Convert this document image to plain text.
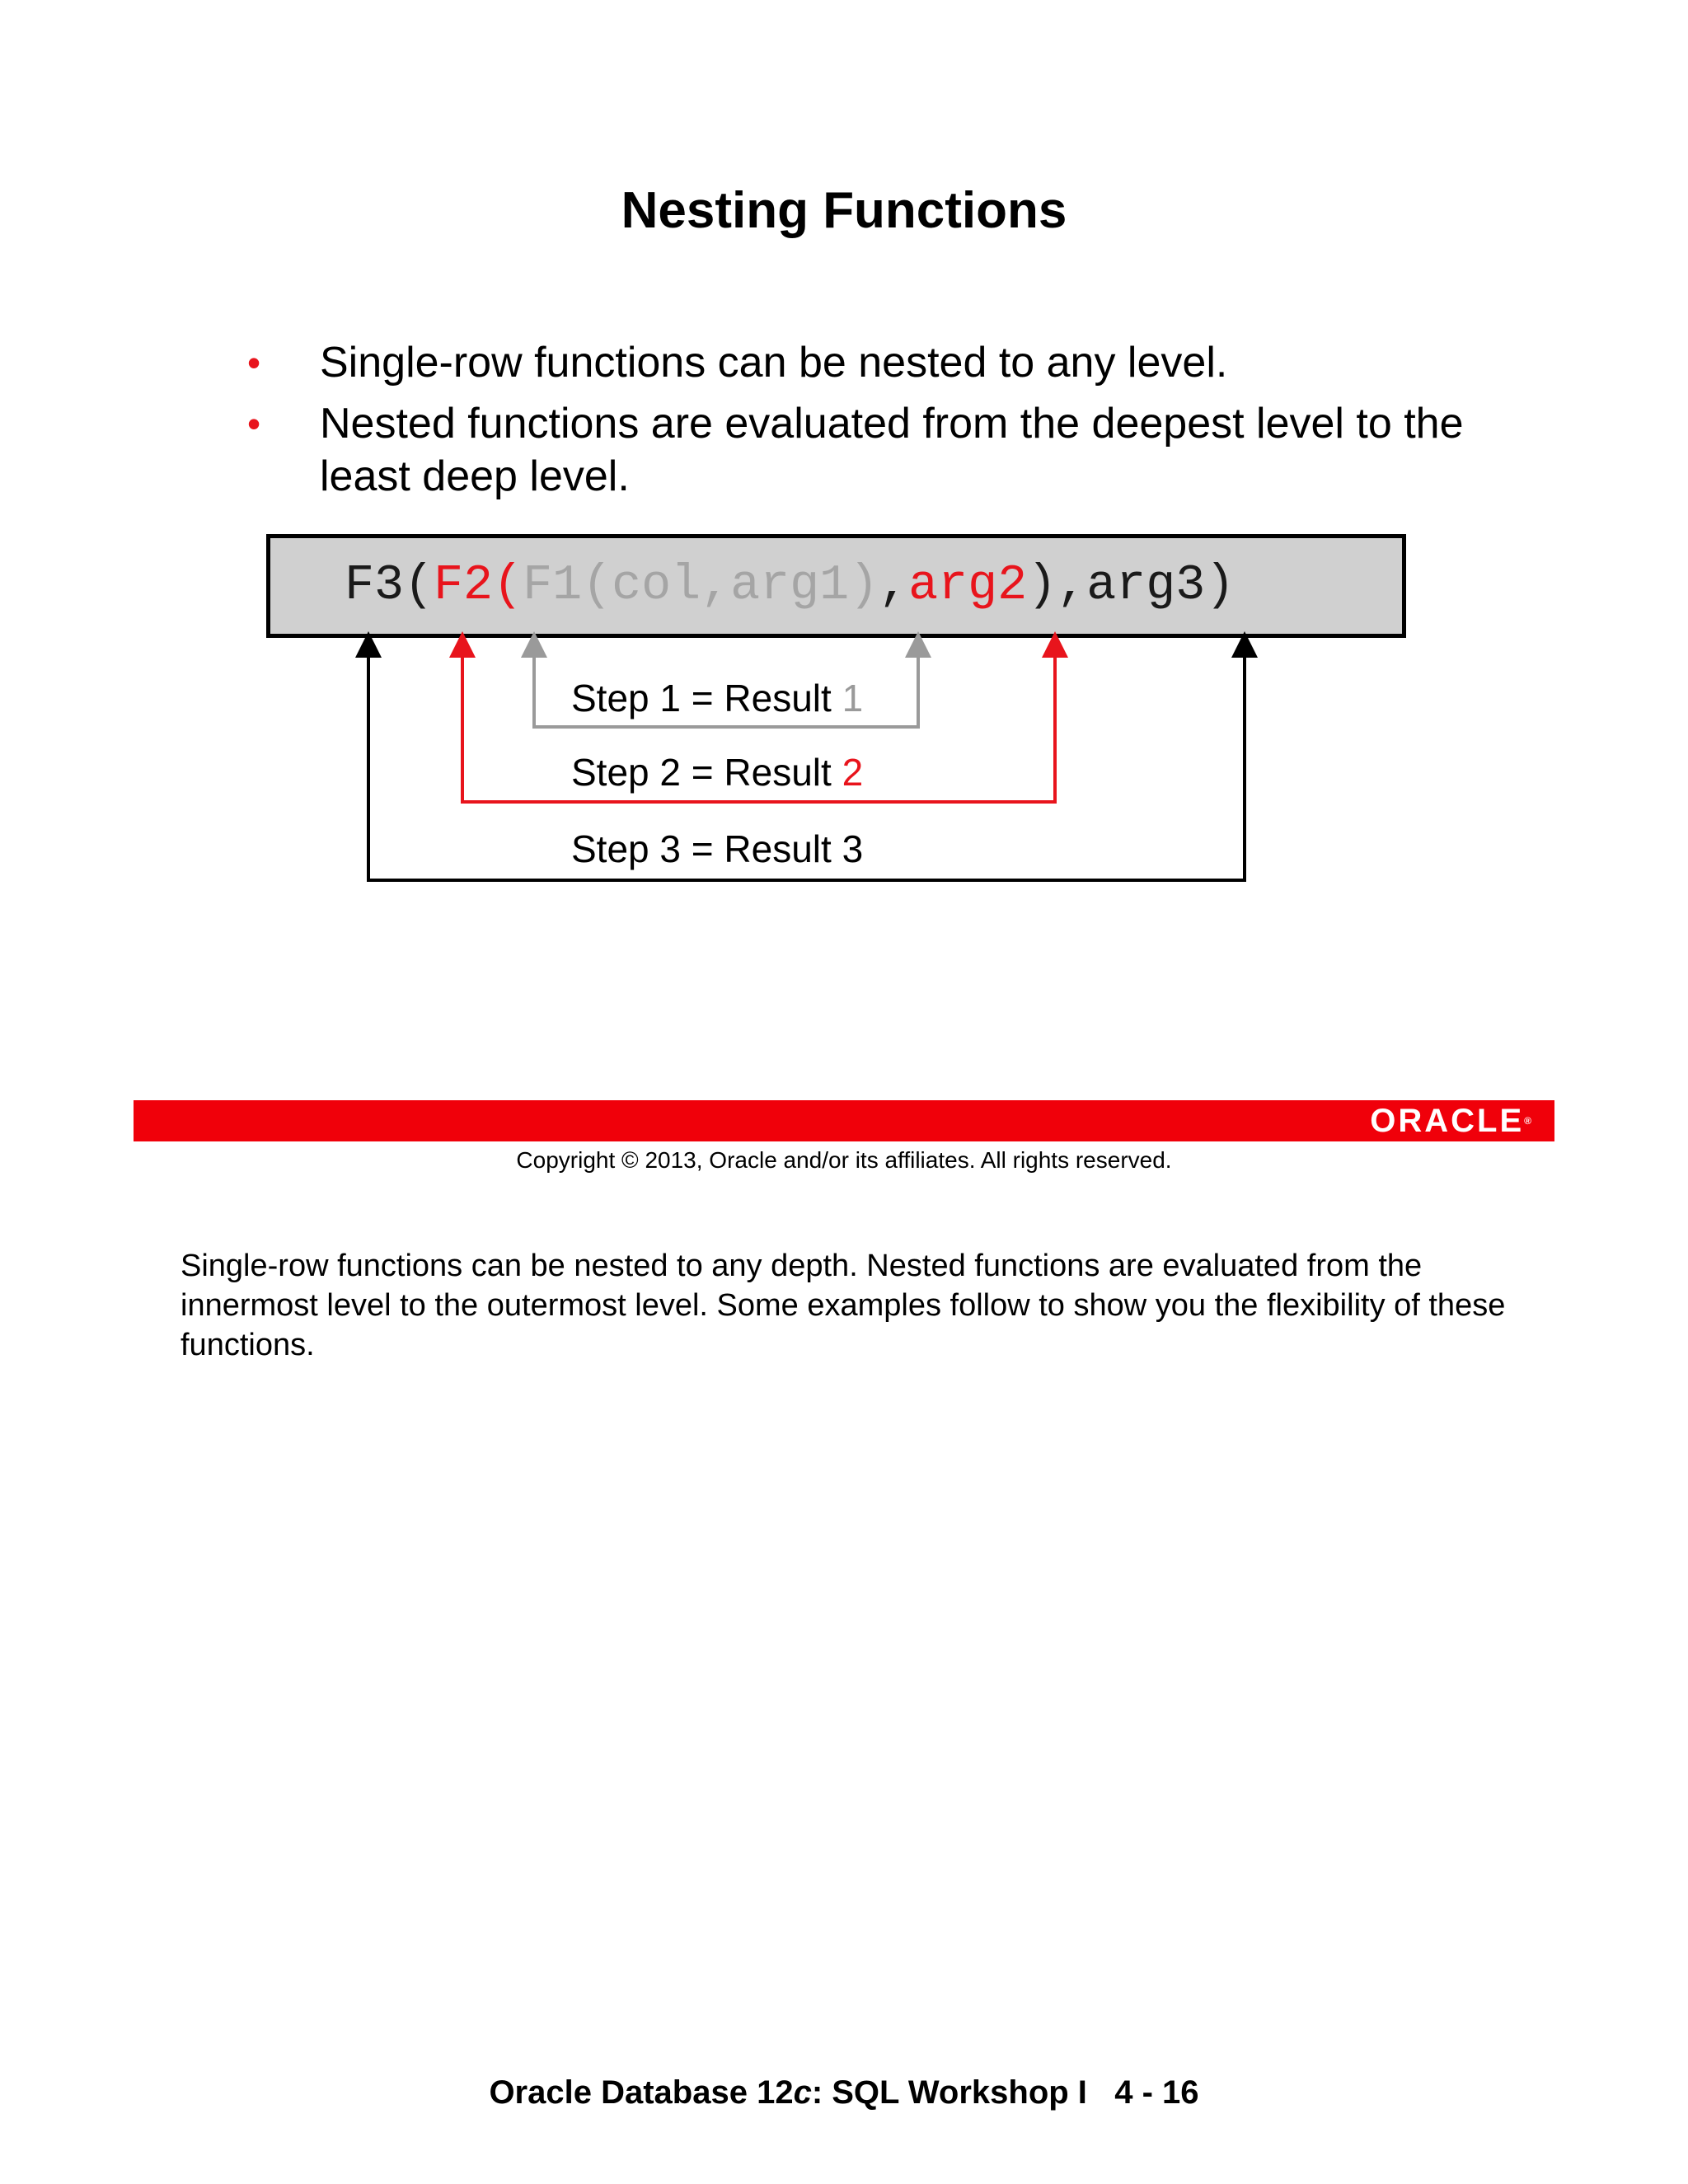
Nesting Functions
• Single-row functions can be nested to any level.
• Nested functions are evaluated from the deepest level to the least deep level.
F3(F2(F1(col,arg1),arg2),arg3)
Step 1 = Result 1
Step 2 = Result 2
Step 3 = Result 3
ORACLE®
Copyright © 2013, Oracle and/or its affiliates. All rights reserved.
Single-row functions can be nested to any depth. Nested functions are evaluated from the innermost level to the outermost level. Some examples follow to show you the flexibility of these functions.
Oracle Database 12c: SQL Workshop I 4 - 16
